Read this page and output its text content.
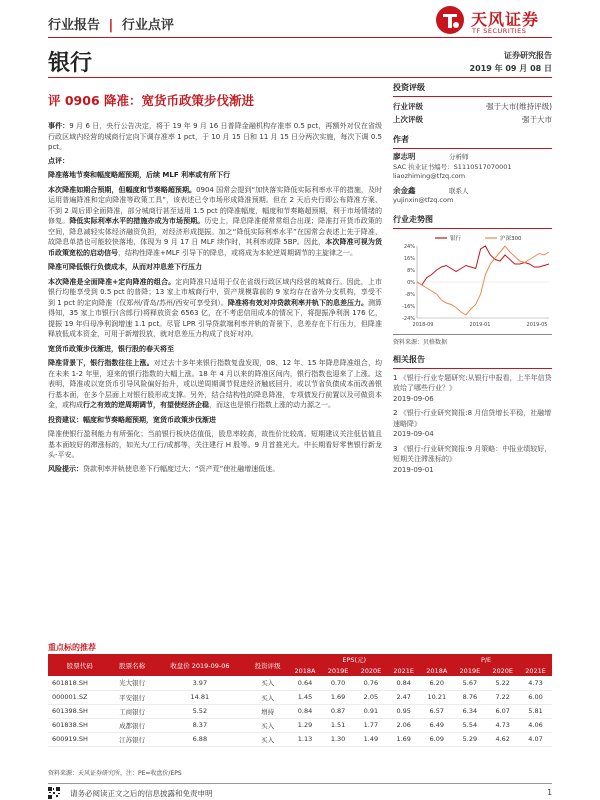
行业报告 | 行业点评	天风证券
TF SECURITIES
银行	证券研究报告
2019 年 09 月 08 日
评 0906 降准：宽货币政策步伐渐进

事件：9 月 6 日，央行公告决定，将于 19 年 9 月 16 日普降金融机构存准率 0.5 pct，再额外对仅在省级行政区域内经营的城商行定向下调存准率 1 pct，于 10 月 15 日和 11 月 15 日分两次实施，每次下调 0.5 pct。

点评：

降准落地节奏和幅度略超预期，后续 MLF 利率或有所下行

本次降准如期合预期，但幅度和节奏略超预期。0904 国常会提到“加快落实降低实际利率水平的措施，及时运用普遍降准和定向降准等政策工具”，该表述已令市场形成降准预期。但在 2 天后央行即公布降准方案，不到 2 周后即全面降准，部分城商行甚至适用 1.5 pct 的降准幅度，幅度和节奏略超预期，利于市场情绪的修复。降低实际利率水平的措施亦成为市场预期。历史上，降息降准便常常组合出现；降准打开货币政策的空间，降息减轻实体经济融资负担，对经济形成提振。加之“降低实际利率水平”在国常会表述上先于降准，故降息单措也可能较快落地，体现为 9 月 17 日 MLF 续作时，其利率或降 5BP。因此，本次降准可视为货币政策宽松的启动信号，结构性降准+MLF 引导下的降息，或将成为本轮逆周期调节的主旋律之一。

降准可降低银行负债成本，从而对冲息差下行压力

本次降准是全面降准+定向降准的组合。定向降准只适用于仅在省级行政区域内经营的城商行。因此，上市银行均能享受到 0.5 pct 的普降；13 家上市城商行中，资产规模靠前的 9 家均存在省外分支机构，享受不到 1 pct 的定向降准（仅郑州/青岛/苏州/西安可享受到）。降准将有效对冲贷款利率并轨下的息差压力。测算得知，35 家上市银行(含郎行)将释放资金 6563 亿，在不考虑信用成本的情况下，将提振净利润 176 亿，提振 19 年归母净利润增速 1.1 pct。尽管 LPR 引导贷款端利率并轨的背景下，息差存在下行压力，但降准释放低成本资金，可用于新增投放，就对息差压力构成了良好对冲。

宽货币政策步伐渐进，银行股的春天将至

降准背景下，银行指数往往上涨。对过去十多年来银行指数复盘发现，08、12 年、15 年降息降准组合，均在未来 1-2 年里，迎来的银行指数的大幅上涨。18 年 4 月以来的降准区间内，银行指数也迎来了上涨。这表明，降准或以宽货币引导风险偏好抬升，或以逆周期调节促进经济触底回升，或以节省负债成本而改善银行基本面，在多个层面上对银行股形成支撑。另外，结合结构性的降息降准，专项债发行前置以及可做资本金，或构成行之有效的逆周期调节，有望使经济企稳，而这也是银行指数上涨的动力源之一。

投资建议：幅度和节奏略超预期，宽货币政策步伐渐进

降准使银行盈利能力有所强化；当前银行板块估值低，股息率较高，故性价比较高。短期建议关注低估值且基本面较好的滞涨标的，如光大/工行/成都等，关注建行 H 股等。9 月首推光大。中长期看好零售银行新龙头-平安。

风险提示：贷款利率并轨使息差下行幅度过大；“资产荒”使社融增速低迷。

投资评级
行业评级	强于大市(维持评级)
上次评级	强于大市
作者
廖志明	分析师
SAC 执业证书编号：S1110517070001
liaozhiming@tfzq.com
余金鑫	联系人
yujinxin@tfzq.com
行业走势图
24%
16%
8%
0%
-8%
-16%
-24%
2018-09	2019-01	2019-05
银行	沪深300
资料来源：贝格数据
相关报告
1 《银行-行业专题研究:从银行中报看，上半年信贷放给了哪些行业？》
2019-09-06
2 《银行-行业研究简报:8 月信贷增长平稳，社融增速略降》
2019-09-04
3 《银行-行业研究简报:9 月策略：中报业绩较好，短期关注滞涨标的》
2019-09-01
重点标的推荐
股票代码	股票名称	收盘价 2019-09-06	投资评级	EPS(元)				P/E			
				2018A	2019E	2020E	2021E	2018A	2019E	2020E	2021E
601818.SH	光大银行	3.97	买入	0.64	0.70	0.76	0.84	6.20	5.67	5.22	4.73
000001.SZ	平安银行	14.81	买入	1.45	1.69	2.05	2.47	10.21	8.76	7.22	6.00
601398.SH	工商银行	5.52	增持	0.84	0.87	0.91	0.95	6.57	6.34	6.07	5.81
601838.SH	成都银行	8.37	买入	1.29	1.51	1.77	2.06	6.49	5.54	4.73	4.06
600919.SH	江苏银行	6.88	买入	1.13	1.30	1.49	1.69	6.09	5.29	4.62	4.07
资料来源：天风证券研究所，注：PE=收盘价/EPS
请务必阅读正文之后的信息披露和免责申明	1
